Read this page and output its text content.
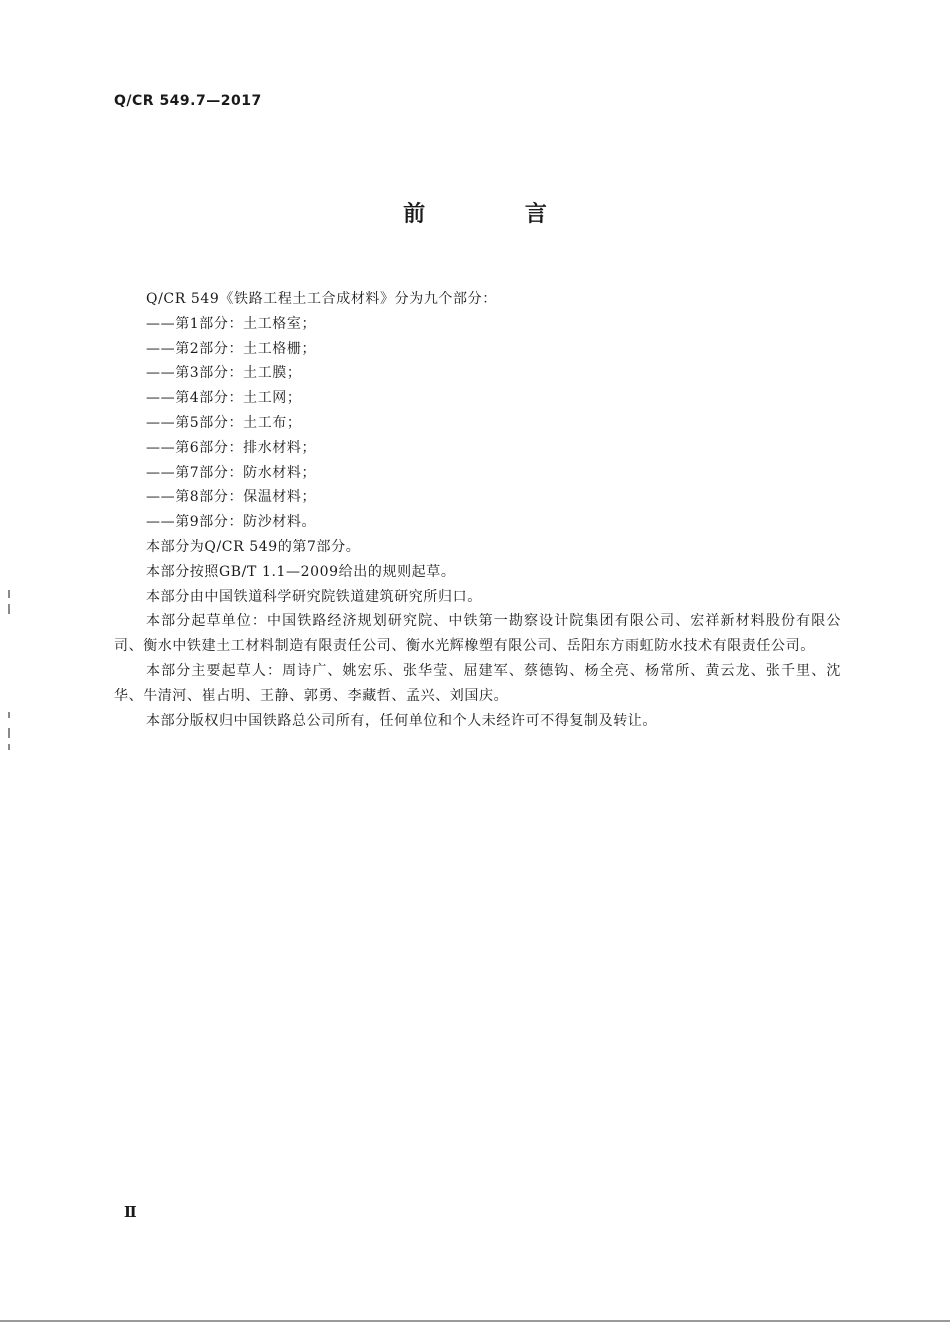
Q/CR 549.7—2017
前 言

Q/CR 549《铁路工程土工合成材料》分为九个部分：

——第1部分：土工格室；
——第2部分：土工格栅；
——第3部分：土工膜；
——第4部分：土工网；
——第5部分：土工布；
——第6部分：排水材料；
——第7部分：防水材料；
——第8部分：保温材料；
——第9部分：防沙材料。

本部分为Q/CR 549的第7部分。

本部分按照GB/T 1.1—2009给出的规则起草。

本部分由中国铁道科学研究院铁道建筑研究所归口。

本部分起草单位：中国铁路经济规划研究院、中铁第一勘察设计院集团有限公司、宏祥新材料股份有限公司、衡水中铁建土工材料制造有限责任公司、衡水光辉橡塑有限公司、岳阳东方雨虹防水技术有限责任公司。

本部分主要起草人：周诗广、姚宏乐、张华莹、屈建军、蔡德钩、杨全亮、杨常所、黄云龙、张千里、沈华、牛清河、崔占明、王静、郭勇、李藏哲、孟兴、刘国庆。

本部分版权归中国铁路总公司所有，任何单位和个人未经许可不得复制及转让。

Ⅱ
